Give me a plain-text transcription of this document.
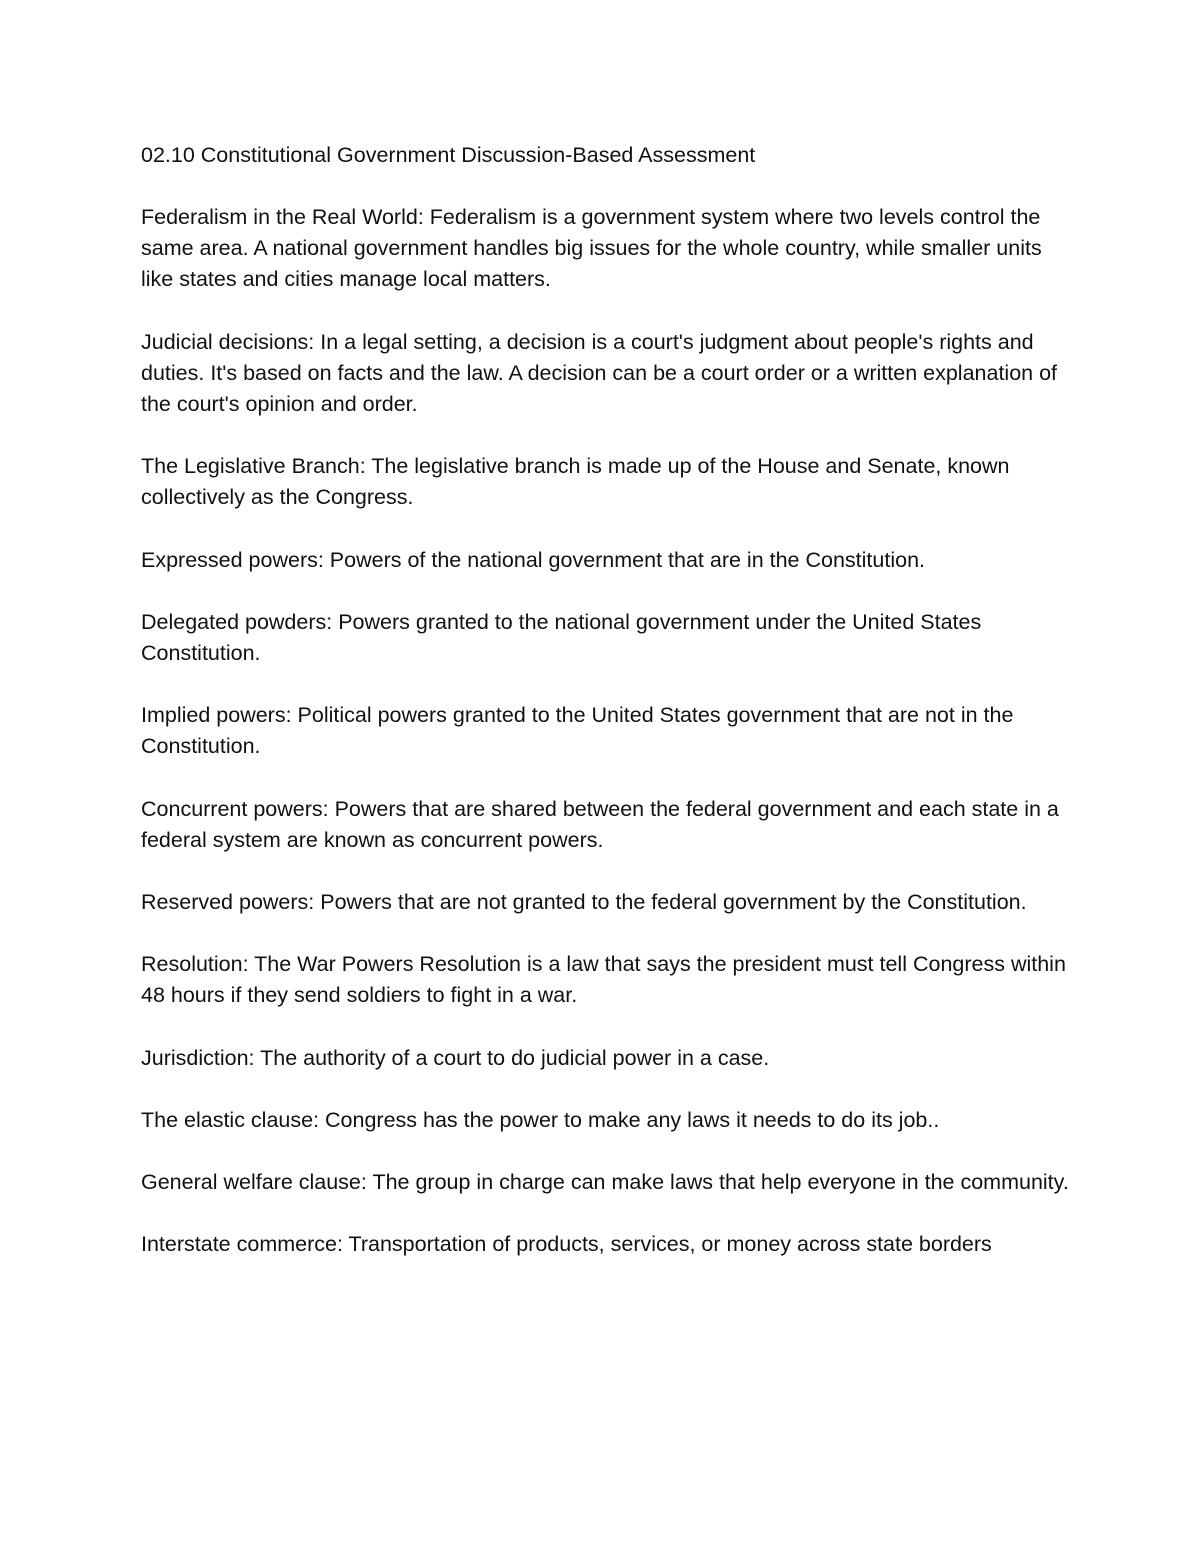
02.10 Constitutional Government Discussion-Based Assessment

Federalism in the Real World: Federalism is a government system where two levels control the same area. A national government handles big issues for the whole country, while smaller units like states and cities manage local matters.

Judicial decisions: In a legal setting, a decision is a court's judgment about people's rights and duties. It's based on facts and the law. A decision can be a court order or a written explanation of the court's opinion and order.

The Legislative Branch: The legislative branch is made up of the House and Senate, known collectively as the Congress.

Expressed powers: Powers of the national government that are in the Constitution.

Delegated powders: Powers granted to the national government under the United States Constitution.

Implied powers: Political powers granted to the United States government that are not in the Constitution.

Concurrent powers: Powers that are shared between the federal government and each state in a federal system are known as concurrent powers.

Reserved powers: Powers that are not granted to the federal government by the Constitution.

Resolution: The War Powers Resolution is a law that says the president must tell Congress within 48 hours if they send soldiers to fight in a war.

Jurisdiction: The authority of a court to do judicial power in a case.

The elastic clause: Congress has the power to make any laws it needs to do its job..

General welfare clause: The group in charge can make laws that help everyone in the community.

Interstate commerce: Transportation of products, services, or money across state borders
